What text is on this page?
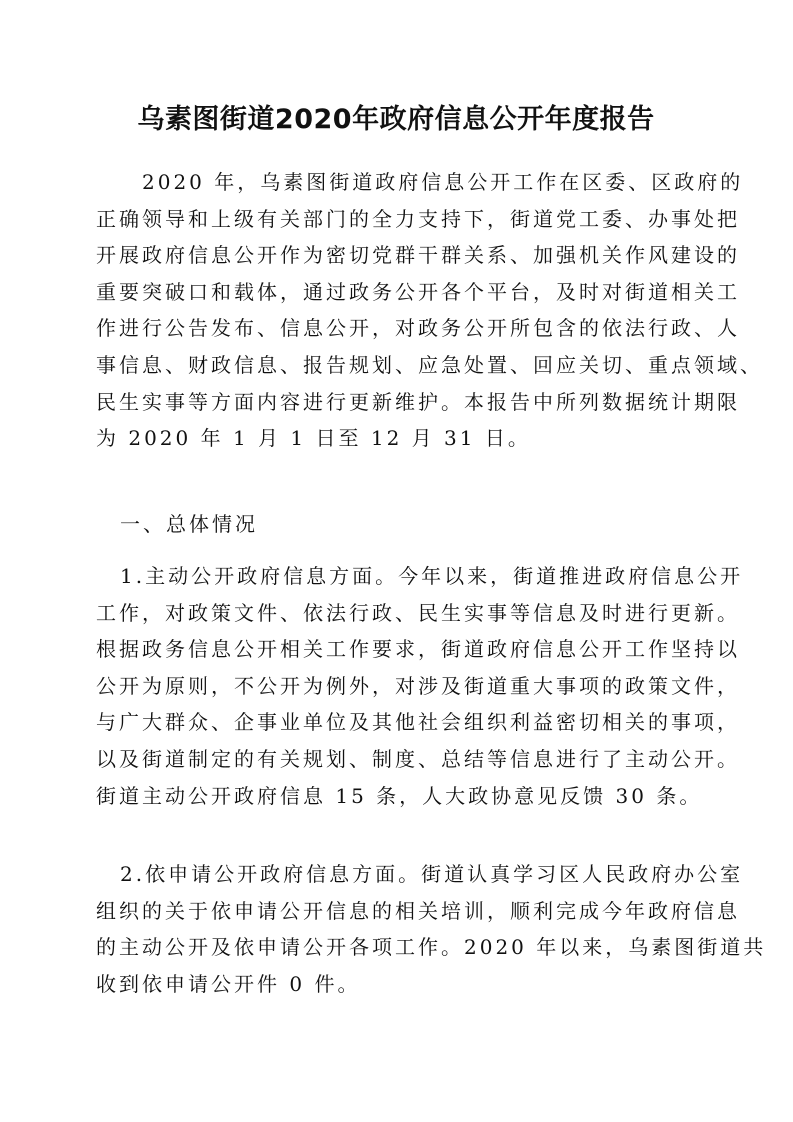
乌素图街道2020年政府信息公开年度报告
2020 年，乌素图街道政府信息公开工作在区委、区政府的
正确领导和上级有关部门的全力支持下，街道党工委、办事处把
开展政府信息公开作为密切党群干群关系、加强机关作风建设的
重要突破口和载体，通过政务公开各个平台，及时对街道相关工
作进行公告发布、信息公开，对政务公开所包含的依法行政、人
事信息、财政信息、报告规划、应急处置、回应关切、重点领域、
民生实事等方面内容进行更新维护。本报告中所列数据统计期限
为 2020 年 1 月 1 日至 12 月 31 日。
一、总体情况
1.主动公开政府信息方面。今年以来，街道推进政府信息公开
工作，对政策文件、依法行政、民生实事等信息及时进行更新。
根据政务信息公开相关工作要求，街道政府信息公开工作坚持以
公开为原则，不公开为例外，对涉及街道重大事项的政策文件，
与广大群众、企事业单位及其他社会组织利益密切相关的事项，
以及街道制定的有关规划、制度、总结等信息进行了主动公开。
街道主动公开政府信息 15 条，人大政协意见反馈 30 条。
2.依申请公开政府信息方面。街道认真学习区人民政府办公室
组织的关于依申请公开信息的相关培训，顺利完成今年政府信息
的主动公开及依申请公开各项工作。2020 年以来，乌素图街道共
收到依申请公开件 0 件。
